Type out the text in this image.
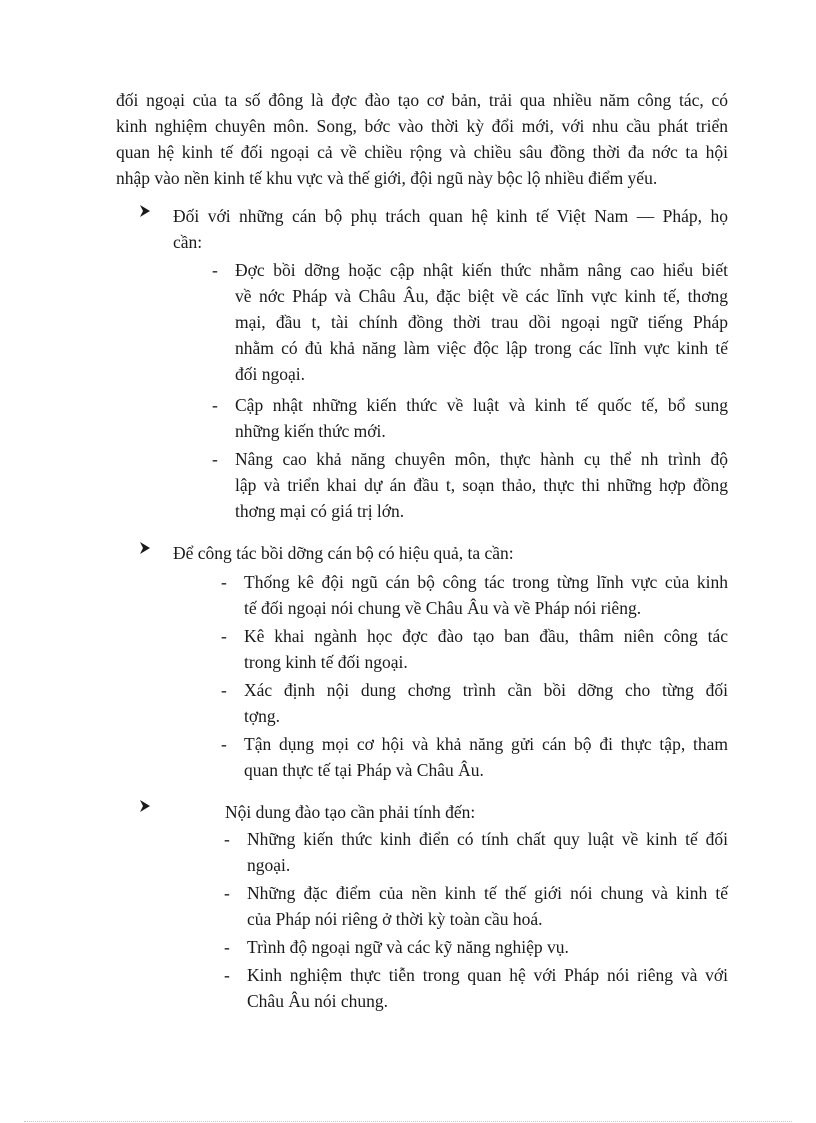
đối ngoại của ta số đông là đợc đào tạo cơ bản, trải qua nhiều năm công tác, có
kinh nghiệm chuyên môn. Song, bớc vào thời kỳ đổi mới, với nhu cầu phát triển
quan hệ kinh tế đối ngoại cả về chiều rộng và chiều sâu đồng thời đa nớc ta hội
nhập vào nền kinh tế khu vực và thế giới, đội ngũ này bộc lộ nhiều điểm yếu.
Đối với những cán bộ phụ trách quan hệ kinh tế Việt Nam — Pháp, họ
cần:
- Đợc bồi dỡng hoặc cập nhật kiến thức nhằm nâng cao hiểu biết
về nớc Pháp và Châu Âu, đặc biệt về các lĩnh vực kinh tế, thơng
mại, đầu t, tài chính đồng thời trau dồi ngoại ngữ tiếng Pháp
nhằm có đủ khả năng làm việc độc lập trong các lĩnh vực kinh tế
đối ngoại.
- Cập nhật những kiến thức về luật và kinh tế quốc tế, bổ sung
những kiến thức mới.
- Nâng cao khả năng chuyên môn, thực hành cụ thể nh trình độ
lập và triển khai dự án đầu t, soạn thảo, thực thi những hợp đồng
thơng mại có giá trị lớn.
Để công tác bồi dỡng cán bộ có hiệu quả, ta cần:
- Thống kê đội ngũ cán bộ công tác trong từng lĩnh vực của kinh
tế đối ngoại nói chung về Châu Âu và về Pháp nói riêng.
- Kê khai ngành học đợc đào tạo ban đầu, thâm niên công tác
trong kinh tế đối ngoại.
- Xác định nội dung chơng trình cần bồi dỡng cho từng đối
tợng.
- Tận dụng mọi cơ hội và khả năng gửi cán bộ đi thực tập, tham
quan thực tế tại Pháp và Châu Âu.
Nội dung đào tạo cần phải tính đến:
- Những kiến thức kinh điển có tính chất quy luật về kinh tế đối
ngoại.
- Những đặc điểm của nền kinh tế thế giới nói chung và kinh tế
của Pháp nói riêng ở thời kỳ toàn cầu hoá.
- Trình độ ngoại ngữ và các kỹ năng nghiệp vụ.
- Kinh nghiệm thực tiễn trong quan hệ với Pháp nói riêng và với
Châu Âu nói chung.
